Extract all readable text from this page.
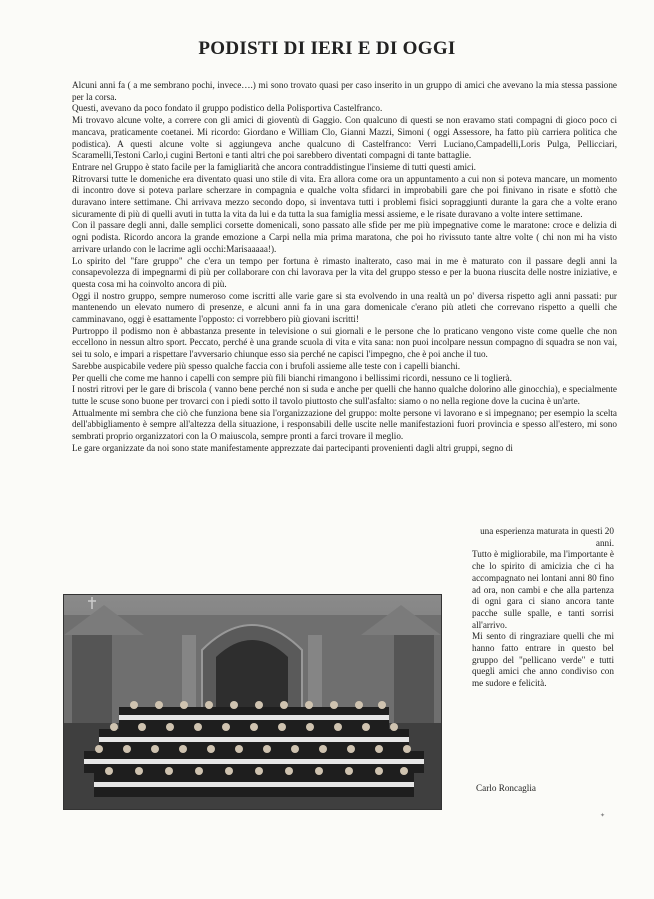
PODISTI DI IERI E DI OGGI

Alcuni anni fa ( a me sembrano pochi, invece….) mi sono trovato quasi per caso inserito in un gruppo di amici che avevano la mia stessa passione per la corsa.

Questi, avevano da poco fondato il gruppo podistico della Polisportiva Castelfranco.

Mi trovavo alcune volte, a correre con gli amici di gioventù di Gaggio. Con qualcuno di questi se non eravamo stati compagni di gioco poco ci mancava, praticamente coetanei. Mi ricordo: Giordano e William Clo, Gianni Mazzi, Simoni ( oggi Assessore, ha fatto più carriera politica che podistica). A questi alcune volte si aggiungeva anche qualcuno di Castelfranco: Verri Luciano,Campadelli,Loris Pulga, Pellicciari, Scaramelli,Testoni Carlo,i cugini Bertoni e tanti altri che poi sarebbero diventati compagni di tante battaglie.

Entrare nel Gruppo è stato facile per la famigliarità che ancora contraddistingue l'insieme di tutti questi amici.

Ritrovarsi tutte le domeniche era diventato quasi uno stile di vita. Era allora come ora un appuntamento a cui non si poteva mancare, un momento di incontro dove si poteva parlare scherzare in compagnia e qualche volta sfidarci in improbabili gare che poi finivano in risate e sfottò che duravano intere settimane. Chi arrivava mezzo secondo dopo, si inventava tutti i problemi fisici sopraggiunti durante la gara che a volte erano sicuramente di più di quelli avuti in tutta la vita da lui e da tutta la sua famiglia messi assieme, e le risate duravano a volte intere settimane.

Con il passare degli anni, dalle semplici corsette domenicali, sono passato alle sfide per me più impegnative come le maratone: croce e delizia di ogni podista. Ricordo ancora la grande emozione a Carpi nella mia prima maratona, che poi ho rivissuto tante altre volte ( chi non mi ha visto arrivare urlando con le lacrime agli occhi:Marisaaaaa!).

Lo spirito del "fare gruppo" che c'era un tempo per fortuna è rimasto inalterato, caso mai in me è maturato con il passare degli anni la consapevolezza di impegnarmi di più per collaborare con chi lavorava per la vita del gruppo stesso e per la buona riuscita delle nostre iniziative, e questa cosa mi ha coinvolto ancora di più.

Oggi il nostro gruppo, sempre numeroso come iscritti alle varie gare si sta evolvendo in una realtà un po' diversa rispetto agli anni passati: pur mantenendo un elevato numero di presenze, e alcuni anni fa in una gara domenicale c'erano più atleti che correvano rispetto a quelli che camminavano, oggi è esattamente l'opposto: ci vorrebbero più giovani iscritti!

Purtroppo il podismo non è abbastanza presente in televisione o sui giornali e le persone che lo praticano vengono viste come quelle che non eccellono in nessun altro sport. Peccato, perché è una grande scuola di vita e vita sana: non puoi incolpare nessun compagno di squadra se non vai, sei tu solo, e impari a rispettare l'avversario chiunque esso sia perché ne capisci l'impegno, che è poi anche il tuo.

Sarebbe auspicabile vedere più spesso qualche faccia con i brufoli assieme alle teste con i capelli bianchi.

Per quelli che come me hanno i capelli con sempre più fili bianchi rimangono i bellissimi ricordi, nessuno ce li toglierà.

I nostri ritrovi per le gare di briscola ( vanno bene perché non si suda e anche per quelli che hanno qualche dolorino alle ginocchia), e specialmente tutte le scuse sono buone per trovarci con i piedi sotto il tavolo piuttosto che sull'asfalto: siamo o no nella regione dove la cucina è un'arte.

Attualmente mi sembra che ciò che funziona bene sia l'organizzazione del gruppo: molte persone vi lavorano e si impegnano; per esempio la scelta dell'abbigliamento è sempre all'altezza della situazione, i responsabili delle uscite nelle manifestazioni fuori provincia e spesso all'estero, mi sono sembrati proprio organizzatori con la O maiuscola, sempre pronti a farci trovare il meglio.

Le gare organizzate da noi sono state manifestamente apprezzate dai partecipanti provenienti dagli altri gruppi, segno di

una esperienza maturata in questi 20 anni.

Tutto è migliorabile, ma l'importante è che lo spirito di amicizia che ci ha accompagnato nei lontani anni 80 fino ad ora, non cambi e che alla partenza di ogni gara ci siano ancora tante pacche sulle spalle, e tanti sorrisi all'arrivo.

Mi sento di ringraziare quelli che mi hanno fatto entrare in questo bel gruppo del "pellicano verde" e tutti quegli amici che anno condiviso con me sudore e felicità.

Carlo Roncaglia
✦
